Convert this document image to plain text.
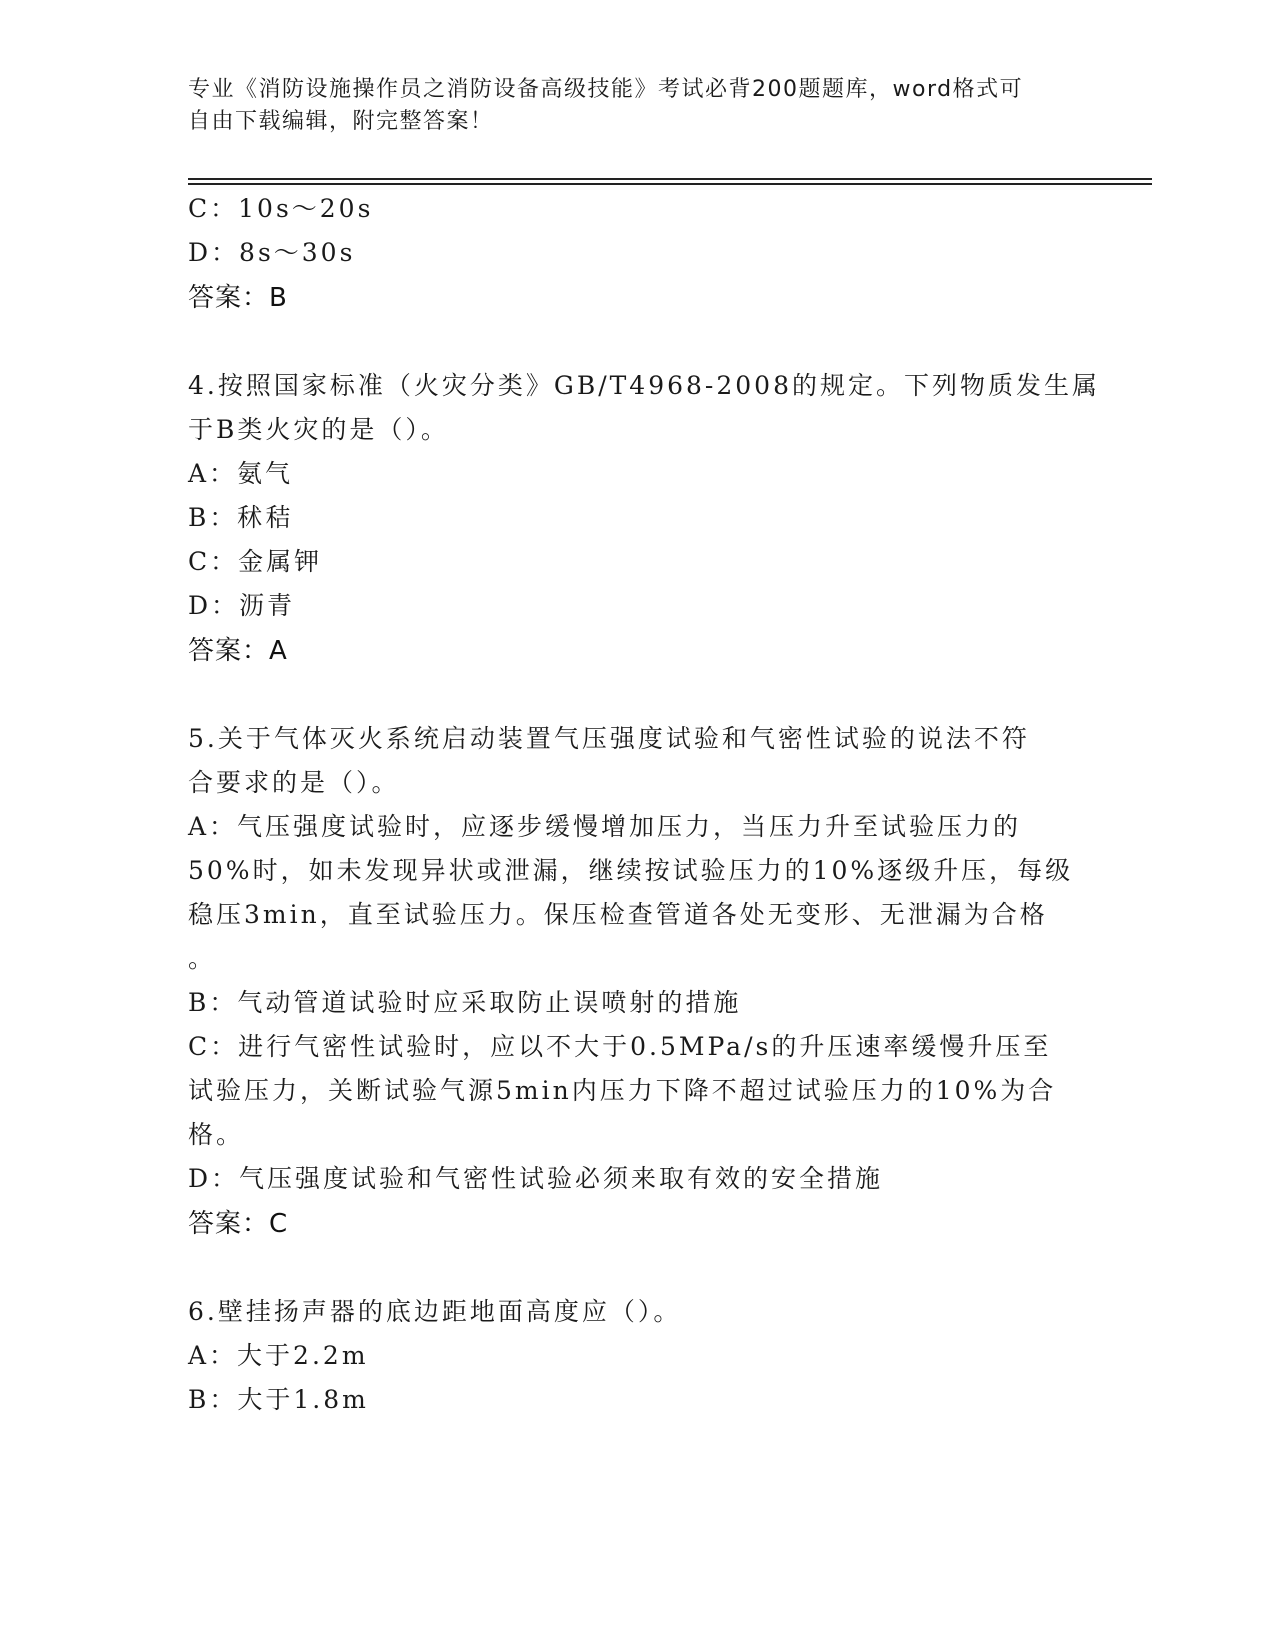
专业《消防设施操作员之消防设备高级技能》考试必背200题题库，word格式可
自由下载编辑，附完整答案！
C：10s～20s
D：8s～30s
答案：B
4.按照国家标准（火灾分类》GB/T4968-2008的规定。下列物质发生属
于B类火灾的是（）。
A：氨气
B：秫秸
C：金属钾
D：沥青
答案：A
5.关于气体灭火系统启动装置气压强度试验和气密性试验的说法不符
合要求的是（）。
A：气压强度试验时，应逐步缓慢增加压力，当压力升至试验压力的
50%时，如未发现异状或泄漏，继续按试验压力的10%逐级升压，每级
稳压3min，直至试验压力。保压检查管道各处无变形、无泄漏为合格
。
B：气动管道试验时应采取防止误喷射的措施
C：进行气密性试验时，应以不大于0.5MPa/s的升压速率缓慢升压至
试验压力，关断试验气源5min内压力下降不超过试验压力的10%为合
格。
D：气压强度试验和气密性试验必须来取有效的安全措施
答案：C
6.壁挂扬声器的底边距地面高度应（）。
A：大于2.2m
B：大于1.8m
